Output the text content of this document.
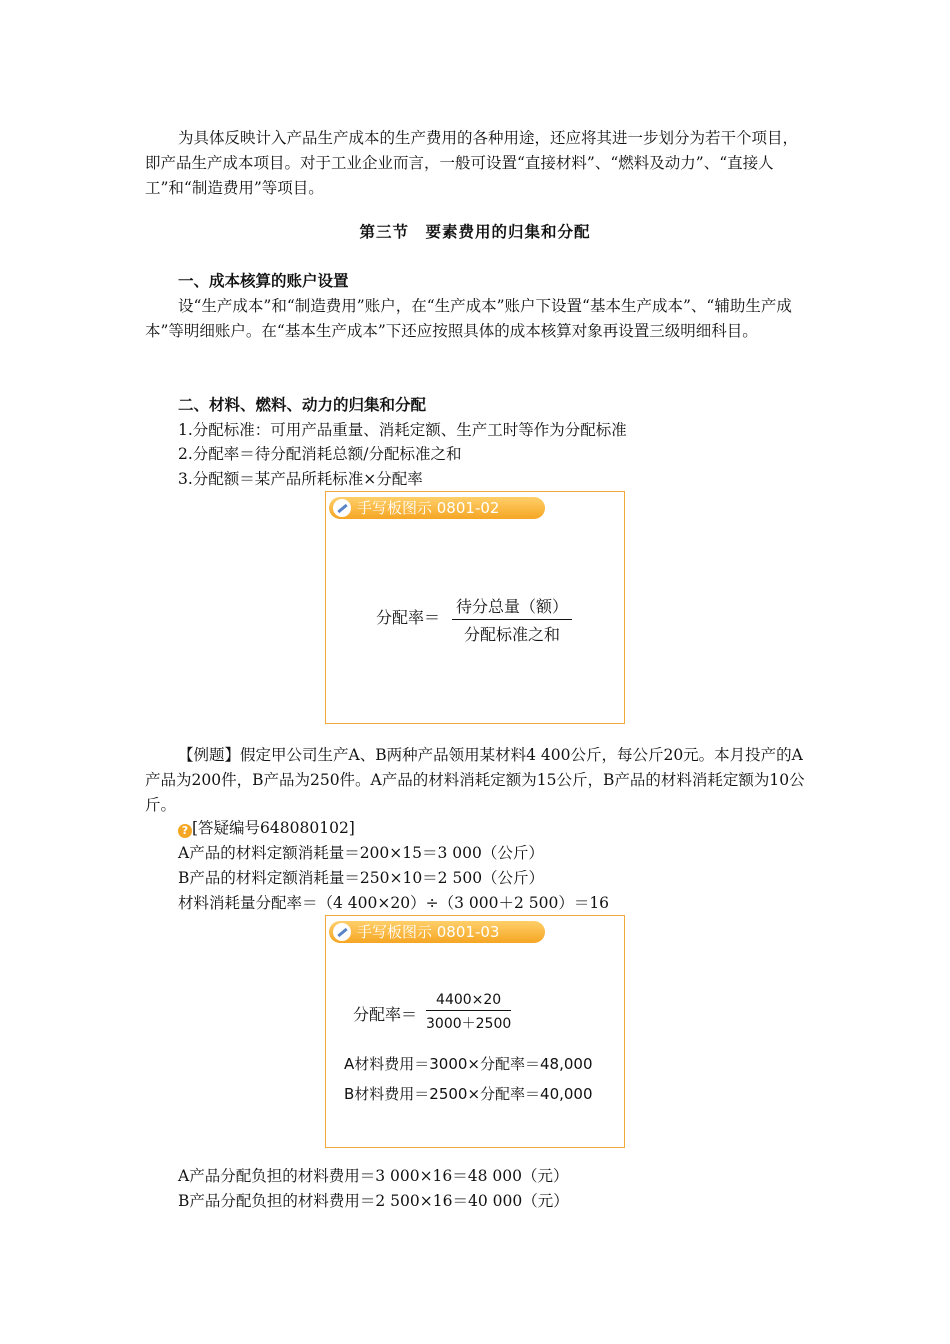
为具体反映计入产品生产成本的生产费用的各种用途，还应将其进一步划分为若干个项目，即产品生产成本项目。对于工业企业而言，一般可设置“直接材料”、“燃料及动力”、“直接人工”和“制造费用”等项目。

第三节　要素费用的归集和分配
一、成本核算的账户设置

设“生产成本”和“制造费用”账户，在“生产成本”账户下设置“基本生产成本”、“辅助生产成本”等明细账户。在“基本生产成本”下还应按照具体的成本核算对象再设置三级明细科目。

二、材料、燃料、动力的归集和分配
1.分配标准：可用产品重量、消耗定额、生产工时等作为分配标准
2.分配率＝待分配消耗总额/分配标准之和
3.分配额＝某产品所耗标准×分配率
手写板图示 0801-02
分配率＝
待分总量（额）
分配标准之和

【例题】假定甲公司生产A、B两种产品领用某材料4 400公斤，每公斤20元。本月投产的A产品为200件，B产品为250件。A产品的材料消耗定额为15公斤，B产品的材料消耗定额为10公斤。

? [答疑编号648080102]
A产品的材料定额消耗量＝200×15＝3 000（公斤）
B产品的材料定额消耗量＝250×10＝2 500（公斤）
材料消耗量分配率＝（4 400×20）÷（3 000＋2 500）＝16
手写板图示 0801-03
分配率＝ $\frac{4400\times 20}{3000+2500}$
A材料费用＝3000×分配率＝48,000
B材料费用＝2500×分配率＝40,000
A产品分配负担的材料费用＝3 000×16＝48 000（元）
B产品分配负担的材料费用＝2 500×16＝40 000（元）
